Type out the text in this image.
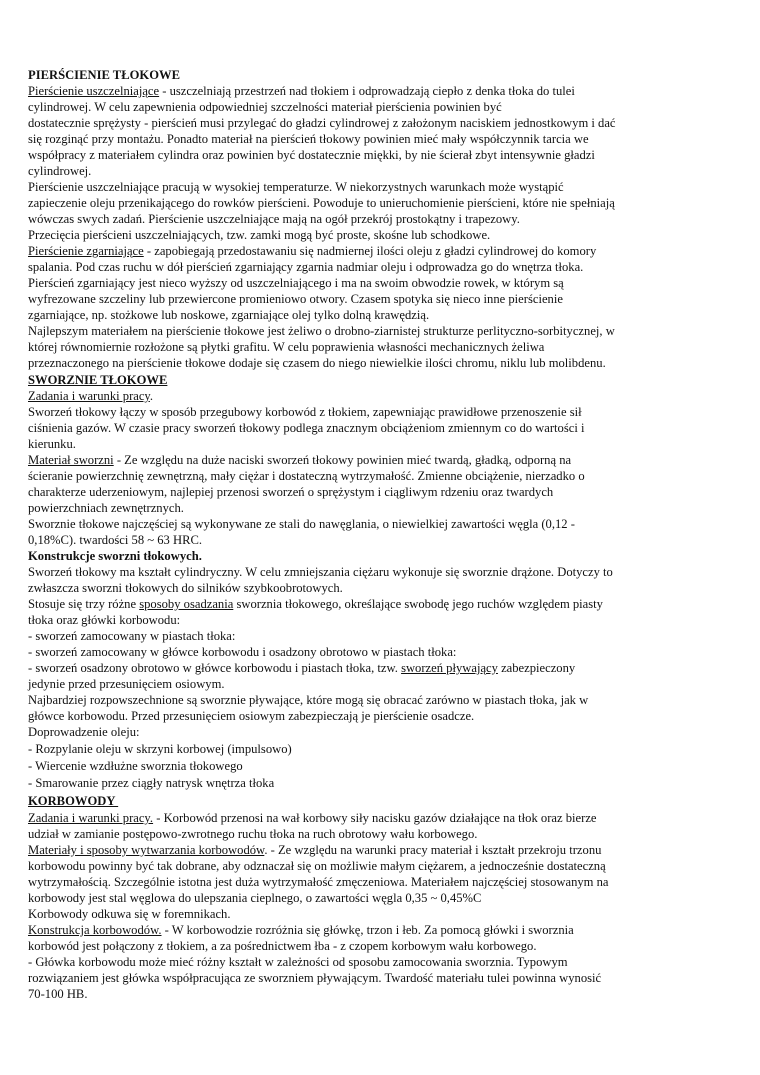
PIERŚCIENIE TŁOKOWE
Pierścienie uszczelniające - uszczelniają przestrzeń nad tłokiem i odprowadzają ciepło z denka tłoka do tulei
cylindrowej. W celu zapewnienia odpowiedniej szczelności materiał pierścienia powinien być
dostatecznie sprężysty - pierścień musi przylegać do gładzi cylindrowej z założonym naciskiem jednostkowym i dać
się rozginąć przy montażu. Ponadto materiał na pierścień tłokowy powinien mieć mały współczynnik tarcia we
współpracy z materiałem cylindra oraz powinien być dostatecznie miękki, by nie ścierał zbyt intensywnie gładzi
cylindrowej.
Pierścienie uszczelniające pracują w wysokiej temperaturze. W niekorzystnych warunkach może wystąpić
zapieczenie oleju przenikającego do rowków pierścieni. Powoduje to unieruchomienie pierścieni, które nie spełniają
wówczas swych zadań. Pierścienie uszczelniające mają na ogół przekrój prostokątny i trapezowy.
Przecięcia pierścieni uszczelniających, tzw. zamki mogą być proste, skośne lub schodkowe.
Pierścienie zgarniające - zapobiegają przedostawaniu się nadmiernej ilości oleju z gładzi cylindrowej do komory
spalania. Pod czas ruchu w dół pierścień zgarniający zgarnia nadmiar oleju i odprowadza go do wnętrza tłoka.
Pierścień zgarniający jest nieco wyższy od uszczelniającego i ma na swoim obwodzie rowek, w którym są
wyfrezowane szczeliny lub przewiercone promieniowo otwory. Czasem spotyka się nieco inne pierścienie
zgarniające, np. stożkowe lub noskowe, zgarniające olej tylko dolną krawędzią.
Najlepszym materiałem na pierścienie tłokowe jest żeliwo o drobno-ziarnistej strukturze perlityczno-sorbitycznej, w
której równomiernie rozłożone są płytki grafitu. W celu poprawienia własności mechanicznych żeliwa
przeznaczonego na pierścienie tłokowe dodaje się czasem do niego niewielkie ilości chromu, niklu lub molibdenu.
SWORZNIE TŁOKOWE
Zadania i warunki pracy.
Sworzeń tłokowy łączy w sposób przegubowy korbowód z tłokiem, zapewniając prawidłowe przenoszenie sił
ciśnienia gazów. W czasie pracy sworzeń tłokowy podlega znacznym obciążeniom zmiennym co do wartości i
kierunku.
Materiał sworzni - Ze względu na duże naciski sworzeń tłokowy powinien mieć twardą, gładką, odporną na
ścieranie powierzchnię zewnętrzną, mały ciężar i dostateczną wytrzymałość. Zmienne obciążenie, nierzadko o
charakterze uderzeniowym, najlepiej przenosi sworzeń o sprężystym i ciągliwym rdzeniu oraz twardych
powierzchniach zewnętrznych.
Sworznie tłokowe najczęściej są wykonywane ze stali do nawęglania, o niewielkiej zawartości węgla (0,12 -
0,18%C). twardości 58 ~ 63 HRC.
Konstrukcje sworzni tłokowych.
Sworzeń tłokowy ma kształt cylindryczny. W celu zmniejszania ciężaru wykonuje się sworznie drążone. Dotyczy to
zwłaszcza sworzni tłokowych do silników szybkoobrotowych.
Stosuje się trzy różne sposoby osadzania sworznia tłokowego, określające swobodę jego ruchów względem piasty
tłoka oraz główki korbowodu:
- sworzeń zamocowany w piastach tłoka:
- sworzeń zamocowany w główce korbowodu i osadzony obrotowo w piastach tłoka:
- sworzeń osadzony obrotowo w główce korbowodu i piastach tłoka, tzw. sworzeń pływający zabezpieczony
jedynie przed przesunięciem osiowym.
Najbardziej rozpowszechnione są sworznie pływające, które mogą się obracać zarówno w piastach tłoka, jak w
główce korbowodu. Przed przesunięciem osiowym zabezpieczają je pierścienie osadcze.
Doprowadzenie oleju:
- Rozpylanie oleju w skrzyni korbowej (impulsowo)
- Wiercenie wzdłużne sworznia tłokowego
- Smarowanie przez ciągły natrysk wnętrza tłoka
KORBOWODY
Zadania i warunki pracy. - Korbowód przenosi na wał korbowy siły nacisku gazów działające na tłok oraz bierze
udział w zamianie postępowo-zwrotnego ruchu tłoka na ruch obrotowy wału korbowego.
Materiały i sposoby wytwarzania korbowodów. - Ze względu na warunki pracy materiał i kształt przekroju trzonu
korbowodu powinny być tak dobrane, aby odznaczał się on możliwie małym ciężarem, a jednocześnie dostateczną
wytrzymałością. Szczególnie istotna jest duża wytrzymałość zmęczeniowa. Materiałem najczęściej stosowanym na
korbowody jest stal węglowa do ulepszania cieplnego, o zawartości węgla 0,35 ~ 0,45%C
Korbowody odkuwa się w foremnikach.
Konstrukcja korbowodów. - W korbowodzie rozróżnia się główkę, trzon i łeb. Za pomocą główki i sworznia
korbowód jest połączony z tłokiem, a za pośrednictwem łba - z czopem korbowym wału korbowego.
- Główka korbowodu może mieć różny kształt w zależności od sposobu zamocowania sworznia. Typowym
rozwiązaniem jest główka współpracująca ze sworzniem pływającym. Twardość materiału tulei powinna wynosić
70-100 HB.
